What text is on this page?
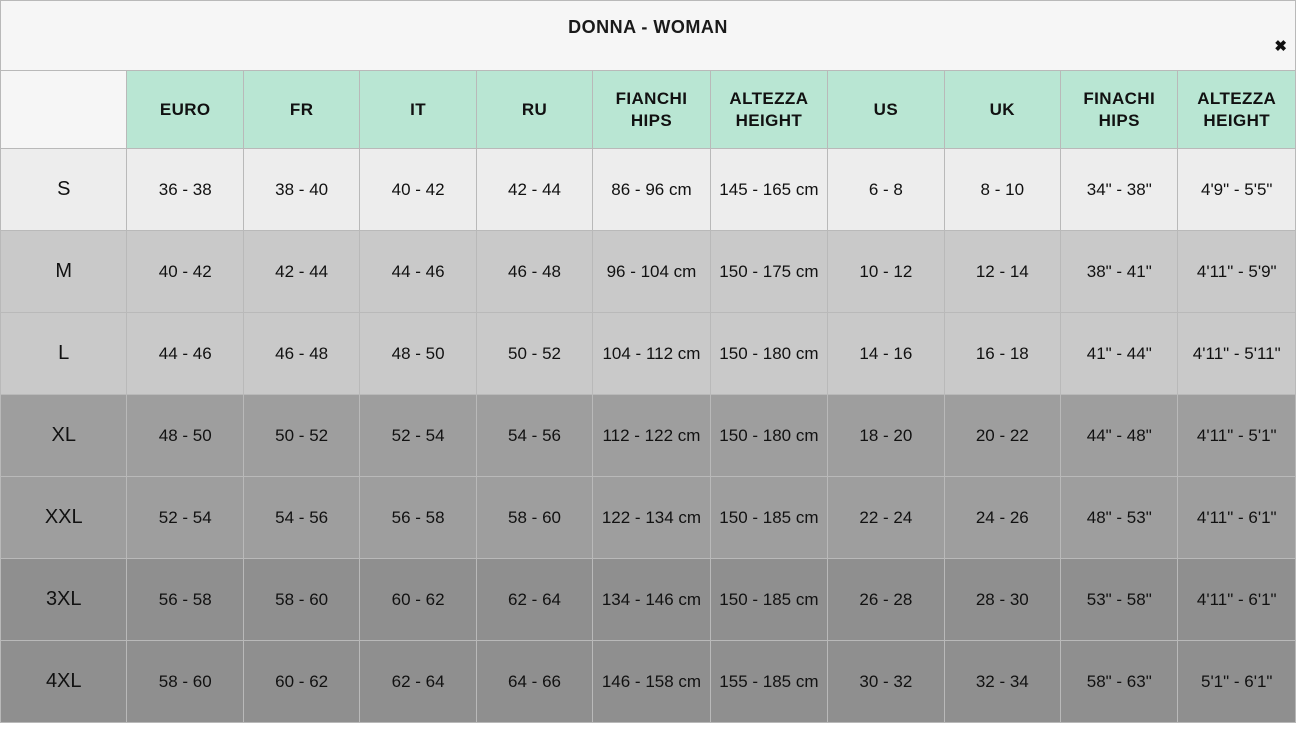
DONNA - WOMAN
✖

	EURO	FR	IT	RU	FIANCHI
HIPS	ALTEZZA
HEIGHT	US	UK	FINACHI
HIPS	ALTEZZA
HEIGHT

S	36 - 38	38 - 40	40 - 42	42 - 44	86 - 96 cm	145 - 165 cm	6 - 8	8 - 10	34" - 38"	4'9" - 5'5"
M	40 - 42	42 - 44	44 - 46	46 - 48	96 - 104 cm	150 - 175 cm	10 - 12	12 - 14	38" - 41"	4'11" - 5'9"
L	44 - 46	46 - 48	48 - 50	50 - 52	104 - 112 cm	150 - 180 cm	14 - 16	16 - 18	41" - 44"	4'11" - 5'11"
XL	48 - 50	50 - 52	52 - 54	54 - 56	112 - 122 cm	150 - 180 cm	18 - 20	20 - 22	44" - 48"	4'11" - 5'1"
XXL	52 - 54	54 - 56	56 - 58	58 - 60	122 - 134 cm	150 - 185 cm	22 - 24	24 - 26	48" - 53"	4'11" - 6'1"
3XL	56 - 58	58 - 60	60 - 62	62 - 64	134 - 146 cm	150 - 185 cm	26 - 28	28 - 30	53" - 58"	4'11" - 6'1"
4XL	58 - 60	60 - 62	62 - 64	64 - 66	146 - 158 cm	155 - 185 cm	30 - 32	32 - 34	58" - 63"	5'1" - 6'1"
